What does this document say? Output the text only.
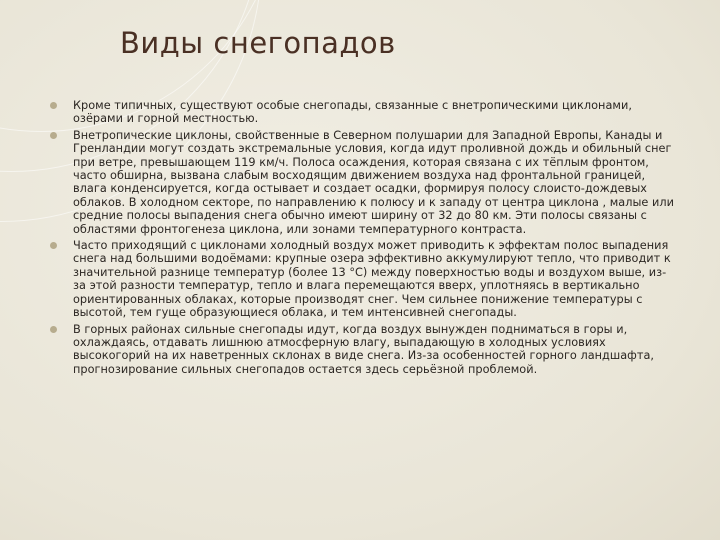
Виды снегопадов
Кроме типичных, существуют особые снегопады, связанные с внетропическими циклонами, озёрами и горной местностью.
Внетропические циклоны, свойственные в Северном полушарии для Западной Европы, Канады и Гренландии могут создать экстремальные условия, когда идут проливной дождь и обильный снег при ветре, превышающем 119 км/ч. Полоса осаждения, которая связана с их тёплым фронтом, часто обширна, вызвана слабым восходящим движением воздуха над фронтальной границей, влага конденсируется, когда остывает и создает осадки, формируя полосу слоисто-дождевых облаков. В холодном секторе, по направлению к полюсу и к западу от центра циклона , малые или средние полосы выпадения снега обычно имеют ширину от 32 до 80 км. Эти полосы связаны с областями фронтогенеза циклона, или зонами температурного контраста.
Часто приходящий с циклонами холодный воздух может приводить к эффектам полос выпадения снега над большими водоёмами: крупные озера эффективно аккумулируют тепло, что приводит к значительной разнице температур (более 13 °C) между поверхностью воды и воздухом выше, из-за этой разности температур, тепло и влага перемещаются вверх, уплотняясь в вертикально ориентированных облаках, которые производят снег. Чем сильнее понижение температуры с высотой, тем гуще образующиеся облака, и тем интенсивней снегопады.
В горных районах сильные снегопады идут, когда воздух вынужден подниматься в горы и, охлаждаясь, отдавать лишнюю атмосферную влагу, выпадающую в холодных условиях высокогорий на их наветренных склонах в виде снега. Из-за особенностей горного ландшафта, прогнозирование сильных снегопадов остается здесь серьёзной проблемой.
